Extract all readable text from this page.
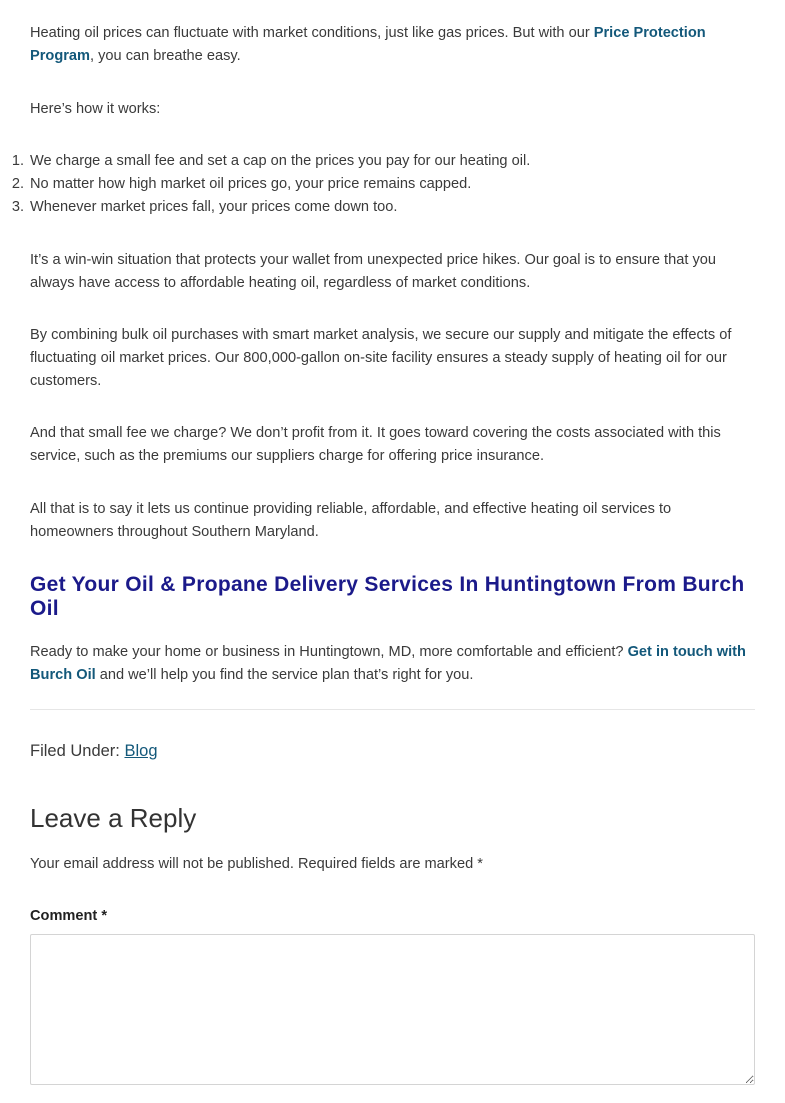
Heating oil prices can fluctuate with market conditions, just like gas prices. But with our Price Protection Program, you can breathe easy.

Here’s how it works:

1. We charge a small fee and set a cap on the prices you pay for our heating oil.
2. No matter how high market oil prices go, your price remains capped.
3. Whenever market prices fall, your prices come down too.

It’s a win-win situation that protects your wallet from unexpected price hikes. Our goal is to ensure that you always have access to affordable heating oil, regardless of market conditions.

By combining bulk oil purchases with smart market analysis, we secure our supply and mitigate the effects of fluctuating oil market prices. Our 800,000-gallon on-site facility ensures a steady supply of heating oil for our customers.

And that small fee we charge? We don’t profit from it. It goes toward covering the costs associated with this service, such as the premiums our suppliers charge for offering price insurance.

All that is to say it lets us continue providing reliable, affordable, and effective heating oil services to homeowners throughout Southern Maryland.

Get Your Oil & Propane Delivery Services In Huntingtown From Burch Oil

Ready to make your home or business in Huntingtown, MD, more comfortable and efficient? Get in touch with Burch Oil and we’ll help you find the service plan that’s right for you.

Filed Under: Blog
Leave a Reply

Your email address will not be published. Required fields are marked *

Comment *
